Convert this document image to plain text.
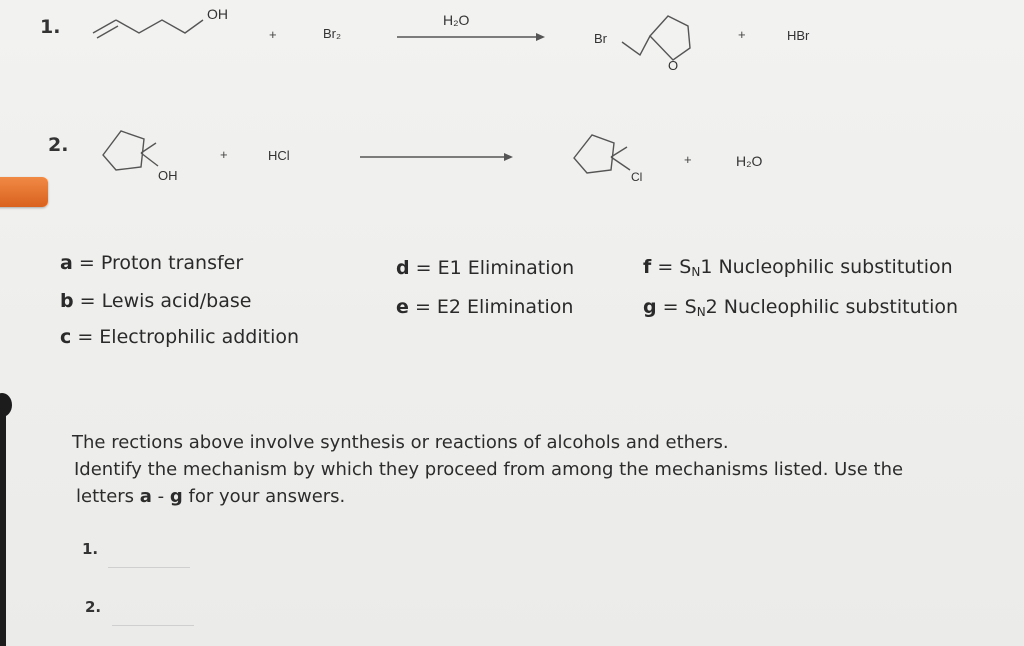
1.
OH
+	Br₂
H₂O
Br
O
+	HBr
2.
OH
+	HCl
Cl
+	H₂O
a = Proton transfer
b = Lewis acid/base
c = Electrophilic addition
d = E1 Elimination
e = E2 Elimination
$f = S_N1$ Nucleophilic substitution
$g = S_N2$ Nucleophilic substitution
The rections above involve synthesis or reactions of alcohols and ethers.
Identify the mechanism by which they proceed from among the mechanisms listed. Use the
letters a - g for your answers.
1.
2.
